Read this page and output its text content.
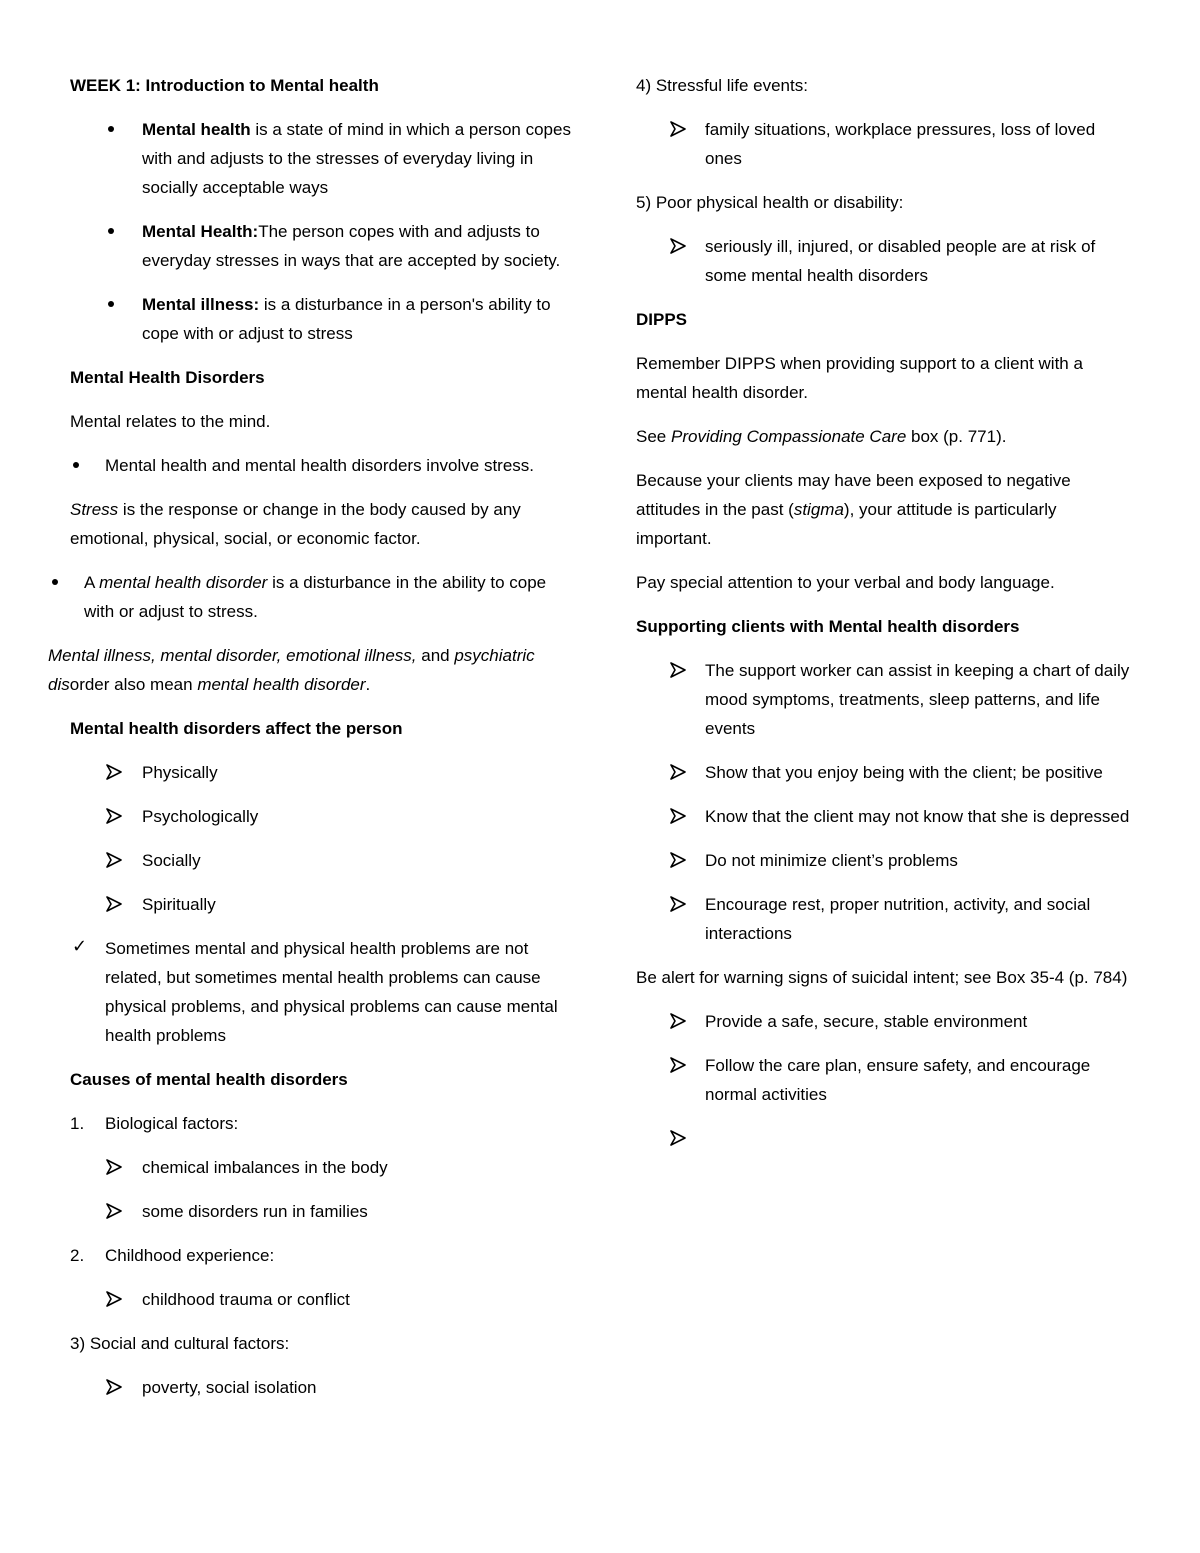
WEEK 1: Introduction to Mental health

Mental health is a state of mind in which a person copes with and adjusts to the stresses of everyday living in socially acceptable ways
Mental Health:The person copes with and adjusts to everyday stresses in ways that are accepted by society.
Mental illness: is a disturbance in a person's ability to cope with or adjust to stress

Mental Health Disorders

Mental relates to the mind.

Mental health and mental health disorders involve stress.

Stress is the response or change in the body caused by any emotional, physical, social, or economic factor.

A mental health disorder is a disturbance in the ability to cope with or adjust to stress.

Mental illness, mental disorder, emotional illness, and psychiatric disorder also mean mental health disorder.

Mental health disorders affect the person

Physically
Psychologically
Socially
Spiritually
✓ Sometimes mental and physical health problems are not related, but sometimes mental health problems can cause physical problems, and physical problems can cause mental health problems

Causes of mental health disorders

1. Biological factors:
chemical imbalances in the body
some disorders run in families
2. Childhood experience:
childhood trauma or conflict

3) Social and cultural factors:

poverty, social isolation

4) Stressful life events:

family situations, workplace pressures, loss of loved ones

5) Poor physical health or disability:

seriously ill, injured, or disabled people are at risk of some mental health disorders

DIPPS

Remember DIPPS when providing support to a client with a mental health disorder.

See Providing Compassionate Care box (p. 771).

Because your clients may have been exposed to negative attitudes in the past (stigma), your attitude is particularly important.

Pay special attention to your verbal and body language.

Supporting clients with Mental health disorders

The support worker can assist in keeping a chart of daily mood symptoms, treatments, sleep patterns, and life events
Show that you enjoy being with the client; be positive
Know that the client may not know that she is depressed
Do not minimize client’s problems
Encourage rest, proper nutrition, activity, and social interactions

Be alert for warning signs of suicidal intent; see Box 35-4 (p. 784)

Provide a safe, secure, stable environment
Follow the care plan, ensure safety, and encourage normal activities
